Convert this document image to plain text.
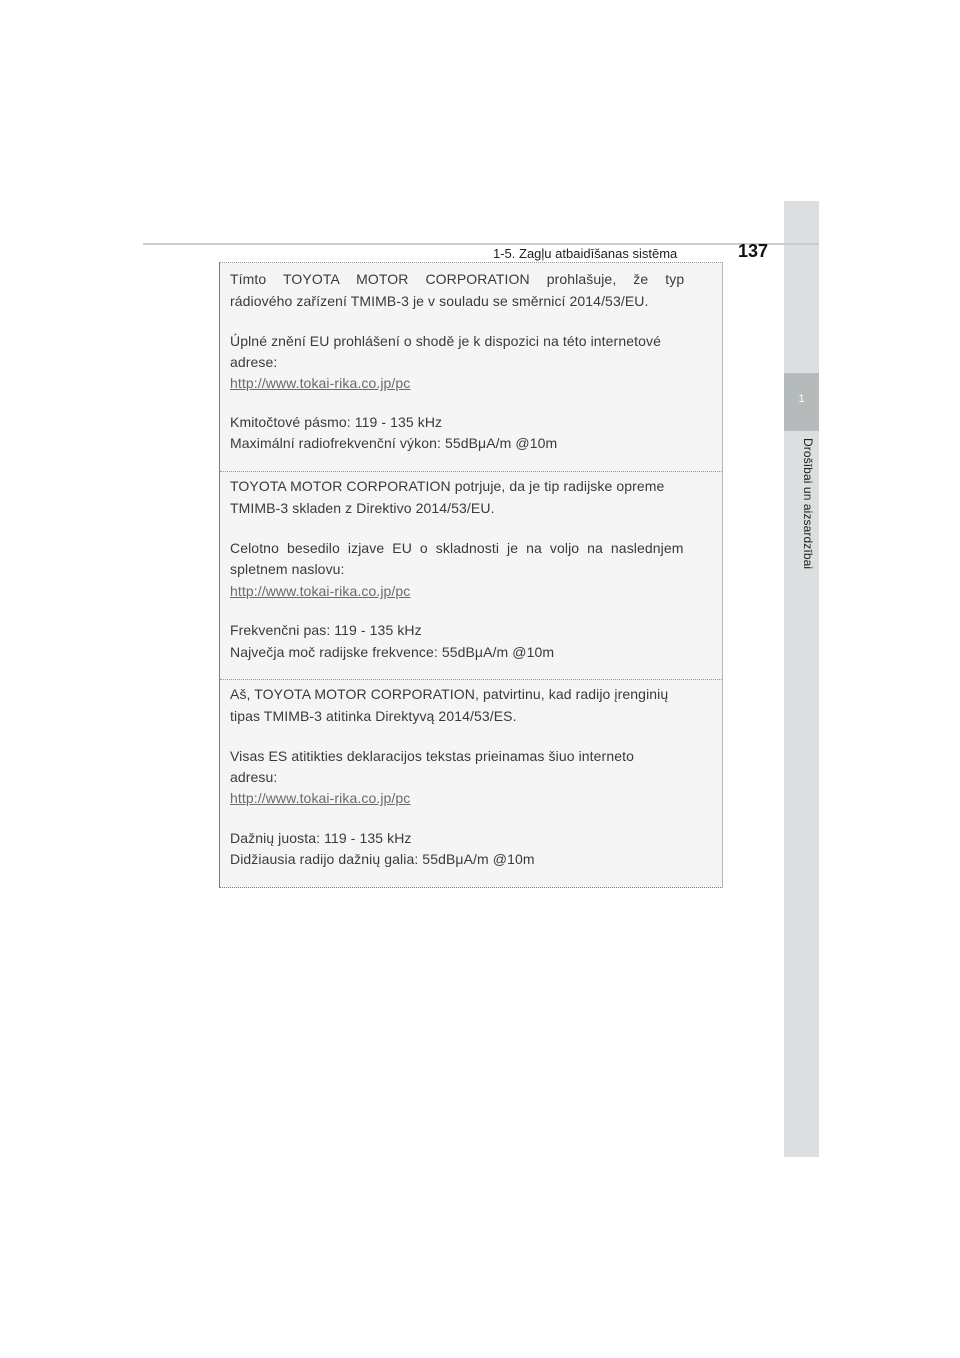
1
Drošībai un aizsardzībai
1-5. Zagļu atbaidīšanas sistēma	137
Tímto TOYOTA MOTOR CORPORATION prohlašuje, že typ
rádiového zařízení TMIMB-3 je v souladu se směrnicí 2014/53/EU.
Úplné znění EU prohlášení o shodě je k dispozici na této internetové
adrese:
http://www.tokai-rika.co.jp/pc
Kmitočtové pásmo: 119 - 135 kHz
Maximální radiofrekvenční výkon: 55dBμA/m @10m
TOYOTA MOTOR CORPORATION potrjuje, da je tip radijske opreme
TMIMB-3 skladen z Direktivo 2014/53/EU.
Celotno besedilo izjave EU o skladnosti je na voljo na naslednjem
spletnem naslovu:
http://www.tokai-rika.co.jp/pc
Frekvenčni pas: 119 - 135 kHz
Največja moč radijske frekvence: 55dBμA/m @10m
Aš, TOYOTA MOTOR CORPORATION, patvirtinu, kad radijo įrenginių
tipas TMIMB-3 atitinka Direktyvą 2014/53/ES.
Visas ES atitikties deklaracijos tekstas prieinamas šiuo interneto
adresu:
http://www.tokai-rika.co.jp/pc
Dažnių juosta: 119 - 135 kHz
Didžiausia radijo dažnių galia: 55dBμA/m @10m
